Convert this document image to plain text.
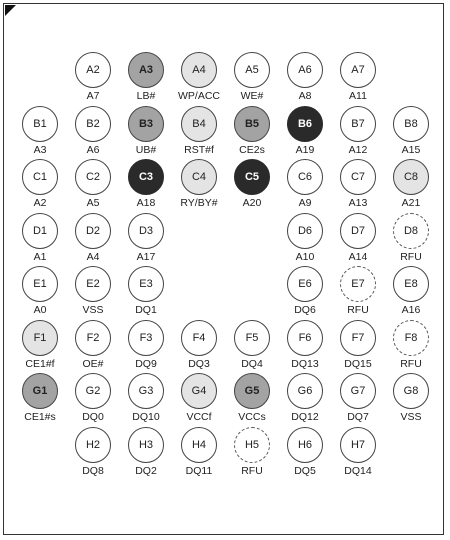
A2
A7
A3
LB#
A4
WP/ACC
A5
WE#
A6
A8
A7
A11
B1
A3
B2
A6
B3
UB#
B4
RST#f
B5
CE2s
B6
A19
B7
A12
B8
A15
C1
A2
C2
A5
C3
A18
C4
RY/BY#
C5
A20
C6
A9
C7
A13
C8
A21
D1
A1
D2
A4
D3
A17
D6
A10
D7
A14
D8
RFU
E1
A0
E2
VSS
E3
DQ1
E6
DQ6
E7
RFU
E8
A16
F1
CE1#f
F2
OE#
F3
DQ9
F4
DQ3
F5
DQ4
F6
DQ13
F7
DQ15
F8
RFU
G1
CE1#s
G2
DQ0
G3
DQ10
G4
VCCf
G5
VCCs
G6
DQ12
G7
DQ7
G8
VSS
H2
DQ8
H3
DQ2
H4
DQ11
H5
RFU
H6
DQ5
H7
DQ14
